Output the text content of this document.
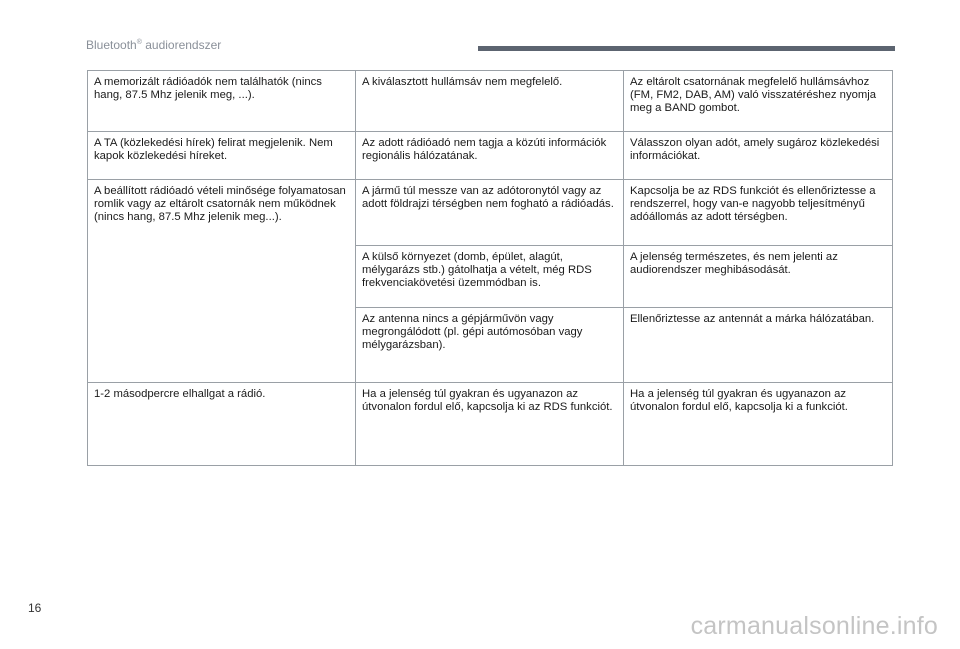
Bluetooth® audiorendszer
A memorizált rádióadók nem találhatók (nincs hang, 87.5 Mhz jelenik meg, ...).	A kiválasztott hullámsáv nem megfelelő.	Az eltárolt csatornának megfelelő hullámsávhoz (FM, FM2, DAB, AM) való visszatéréshez nyomja meg a BAND gombot.
A TA (közlekedési hírek) felirat megjelenik. Nem kapok közlekedési híreket.	Az adott rádióadó nem tagja a közúti információk regionális hálózatának.	Válasszon olyan adót, amely sugároz közlekedési információkat.
A beállított rádióadó vételi minősége folyamatosan romlik vagy az eltárolt csatornák nem működnek (nincs hang, 87.5 Mhz jelenik meg...).	A jármű túl messze van az adótoronytól vagy az adott földrajzi térségben nem fogható a rádióadás.	Kapcsolja be az RDS funkciót és ellenőriztesse a rendszerrel, hogy van-e nagyobb teljesítményű adóállomás az adott térségben.
	A külső környezet (domb, épület, alagút, mélygarázs stb.) gátolhatja a vételt, még RDS frekvenciakövetési üzemmódban is.	A jelenség természetes, és nem jelenti az audiorendszer meghibásodását.
	Az antenna nincs a gépjárművön vagy megrongálódott (pl. gépi autómosóban vagy mélygarázsban).	Ellenőriztesse az antennát a márka hálózatában.
1-2 másodpercre elhallgat a rádió.	Ha a jelenség túl gyakran és ugyanazon az útvonalon fordul elő, kapcsolja ki az RDS funkciót.	Ha a jelenség túl gyakran és ugyanazon az útvonalon fordul elő, kapcsolja ki a funkciót.
16
carmanualsonline.info
